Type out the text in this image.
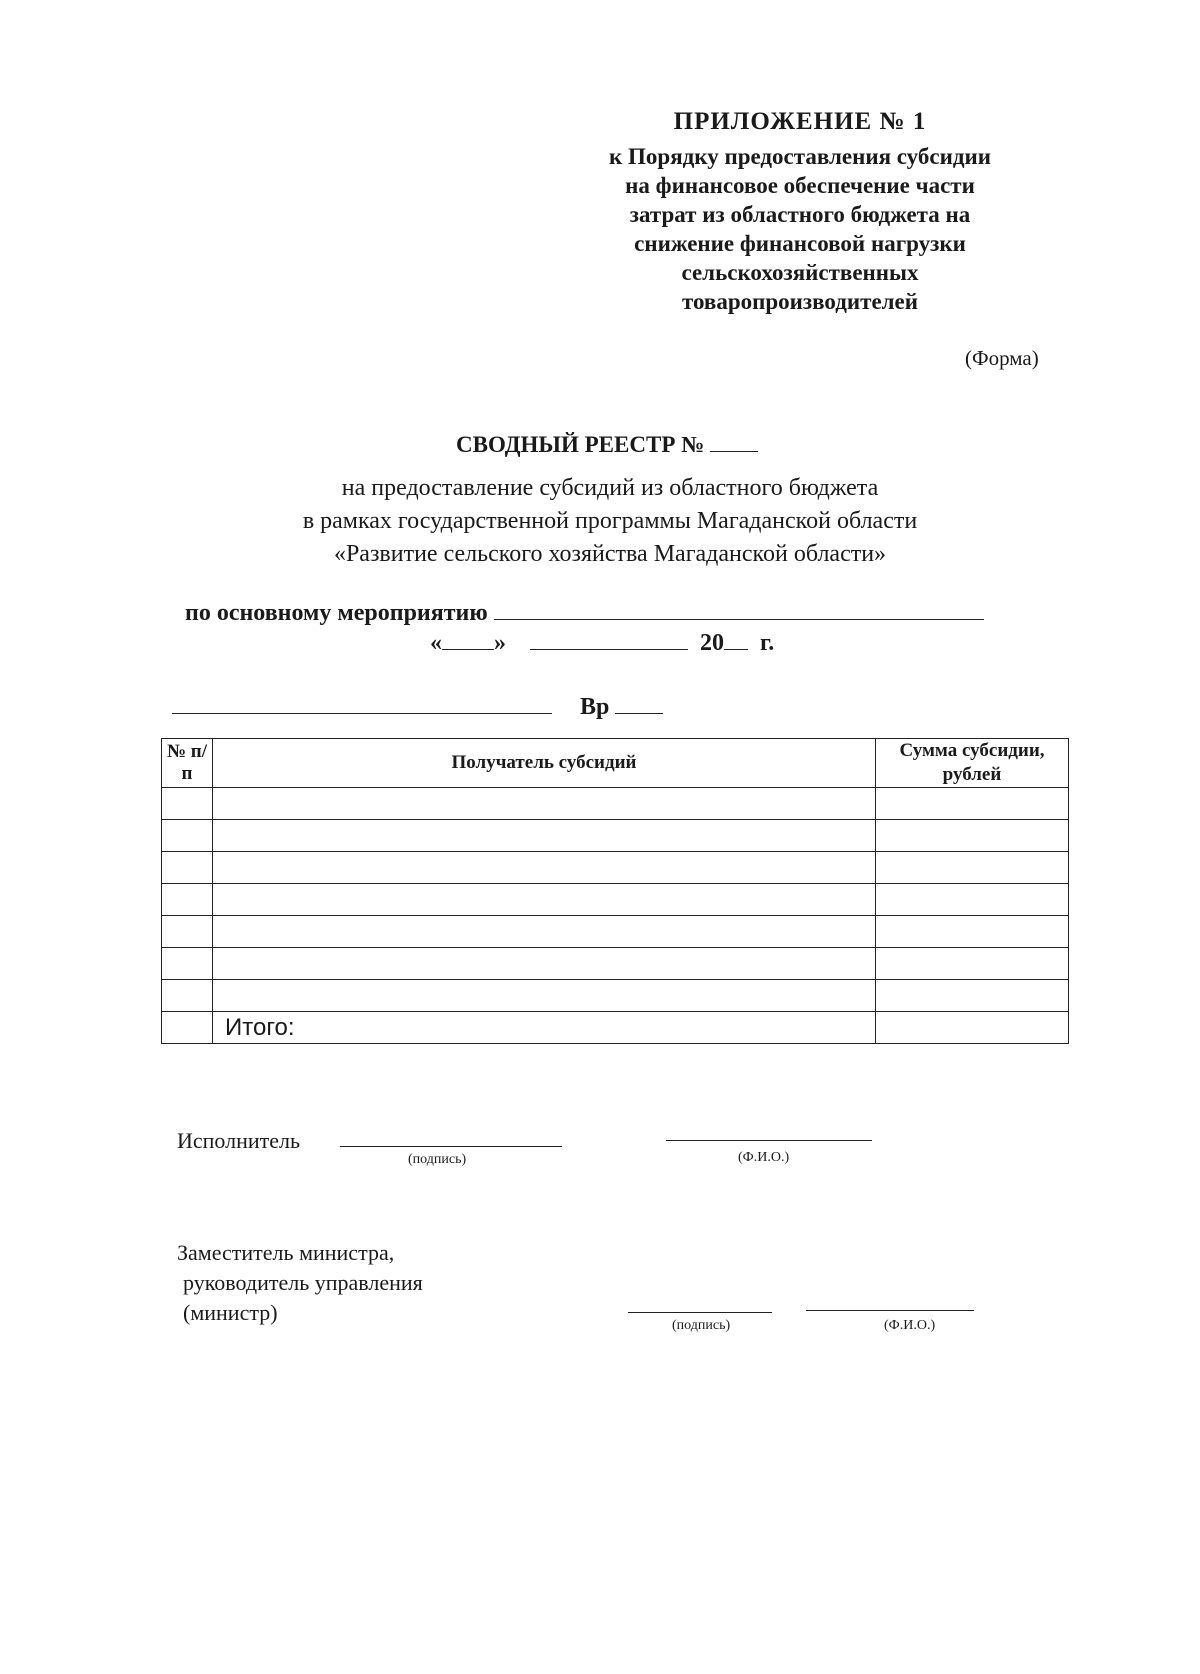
ПРИЛОЖЕНИЕ № 1
к Порядку предоставления субсидии
на финансовое обеспечение части
затрат из областного бюджета на
снижение финансовой нагрузки
сельскохозяйственных
товаропроизводителей
(Форма)
СВОДНЫЙ РЕЕСТР №
на предоставление субсидий из областного бюджета
в рамках государственной программы Магаданской области
«Развитие сельского хозяйства Магаданской области»
по основному мероприятию
« »	20 г.
Вр
№ п/п	Получатель субсидий	Сумма субсидии, рублей

	Итого:	
Исполнитель
(подпись)	(Ф.И.О.)
Заместитель министра,
руководитель управления
(министр)
(подпись)	(Ф.И.О.)
